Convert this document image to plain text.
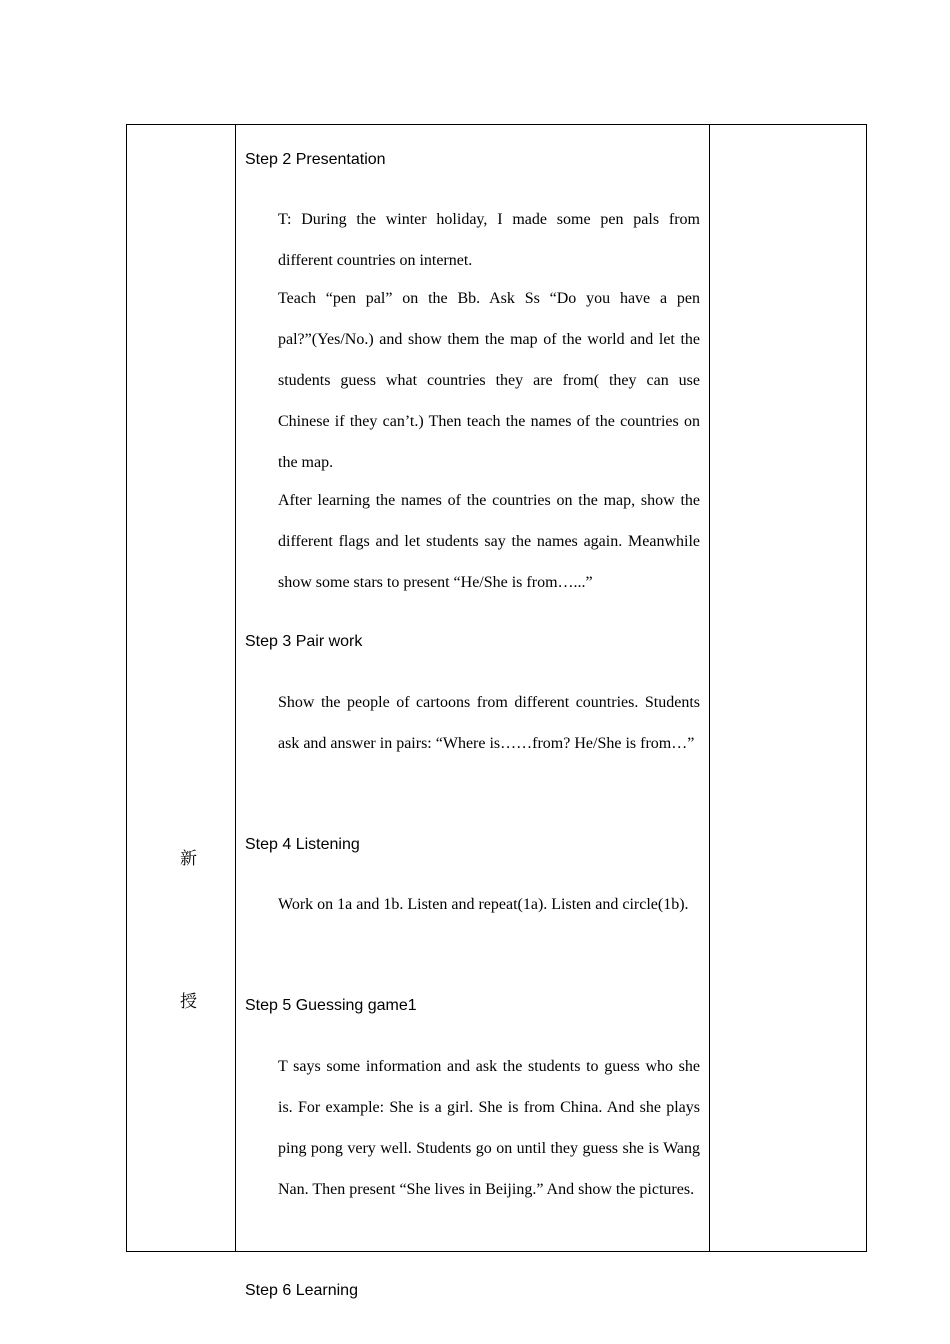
新
授
Step 2 Presentation
T: During the winter holiday, I made some pen pals from different countries on internet.
Teach “pen pal” on the Bb. Ask Ss “Do you have a pen pal?”(Yes/No.) and show them the map of the world and let the students guess what countries they are from( they can use Chinese if they can’t.) Then teach the names of the countries on the map.
After learning the names of the countries on the map, show the different flags and let students say the names again. Meanwhile show some stars to present “He/She is from…...”
Step 3 Pair work
Show the people of cartoons from different countries. Students ask and answer in pairs: “Where is……from? He/She is from…”
Step 4 Listening
Work on 1a and 1b. Listen and repeat(1a). Listen and circle(1b).
Step 5 Guessing game1
T says some information and ask the students to guess who she is. For example: She is a girl. She is from China. And she plays ping pong very well. Students go on until they guess she is Wang Nan. Then present “She lives in Beijing.” And show the pictures.
Step 6 Learning
